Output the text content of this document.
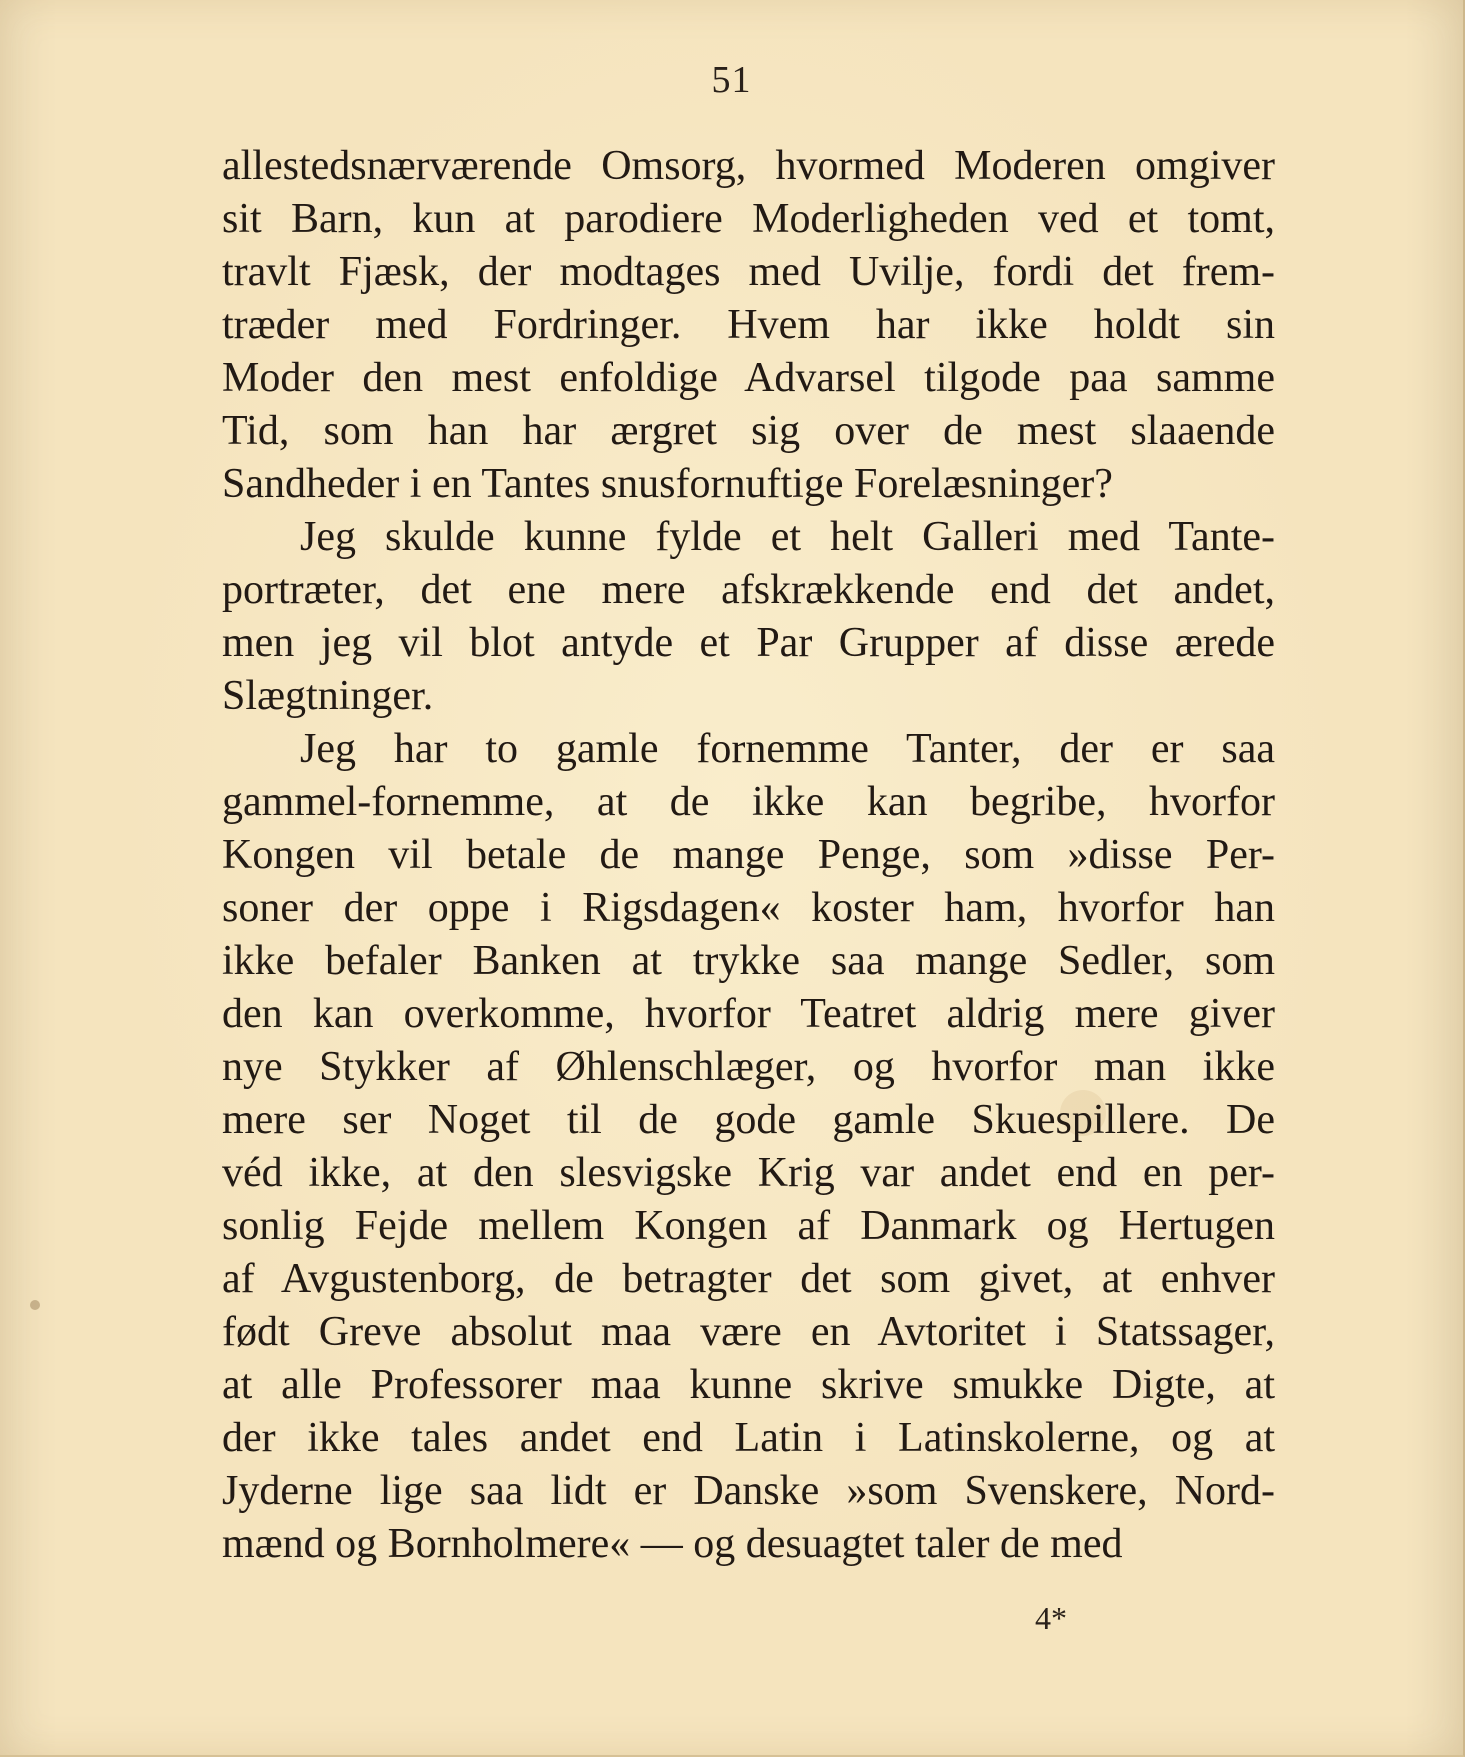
51
allestedsnærværende Omsorg, hvormed Moderen omgiver
sit Barn, kun at parodiere Moderligheden ved et tomt,
travlt Fjæsk, der modtages med Uvilje, fordi det frem-
træder med Fordringer. Hvem har ikke holdt sin
Moder den mest enfoldige Advarsel tilgode paa samme
Tid, som han har ærgret sig over de mest slaaende
Sandheder i en Tantes snusfornuftige Forelæsninger?
Jeg skulde kunne fylde et helt Galleri med Tante-
portræter, det ene mere afskrækkende end det andet,
men jeg vil blot antyde et Par Grupper af disse ærede
Slægtninger.
Jeg har to gamle fornemme Tanter, der er saa
gammel-fornemme, at de ikke kan begribe, hvorfor
Kongen vil betale de mange Penge, som »disse Per-
soner der oppe i Rigsdagen« koster ham, hvorfor han
ikke befaler Banken at trykke saa mange Sedler, som
den kan overkomme, hvorfor Teatret aldrig mere giver
nye Stykker af Øhlenschlæger, og hvorfor man ikke
mere ser Noget til de gode gamle Skuespillere. De
véd ikke, at den slesvigske Krig var andet end en per-
sonlig Fejde mellem Kongen af Danmark og Hertugen
af Avgustenborg, de betragter det som givet, at enhver
født Greve absolut maa være en Avtoritet i Statssager,
at alle Professorer maa kunne skrive smukke Digte, at
der ikke tales andet end Latin i Latinskolerne, og at
Jyderne lige saa lidt er Danske »som Svenskere, Nord-
mænd og Bornholmere« — og desuagtet taler de med
4*
